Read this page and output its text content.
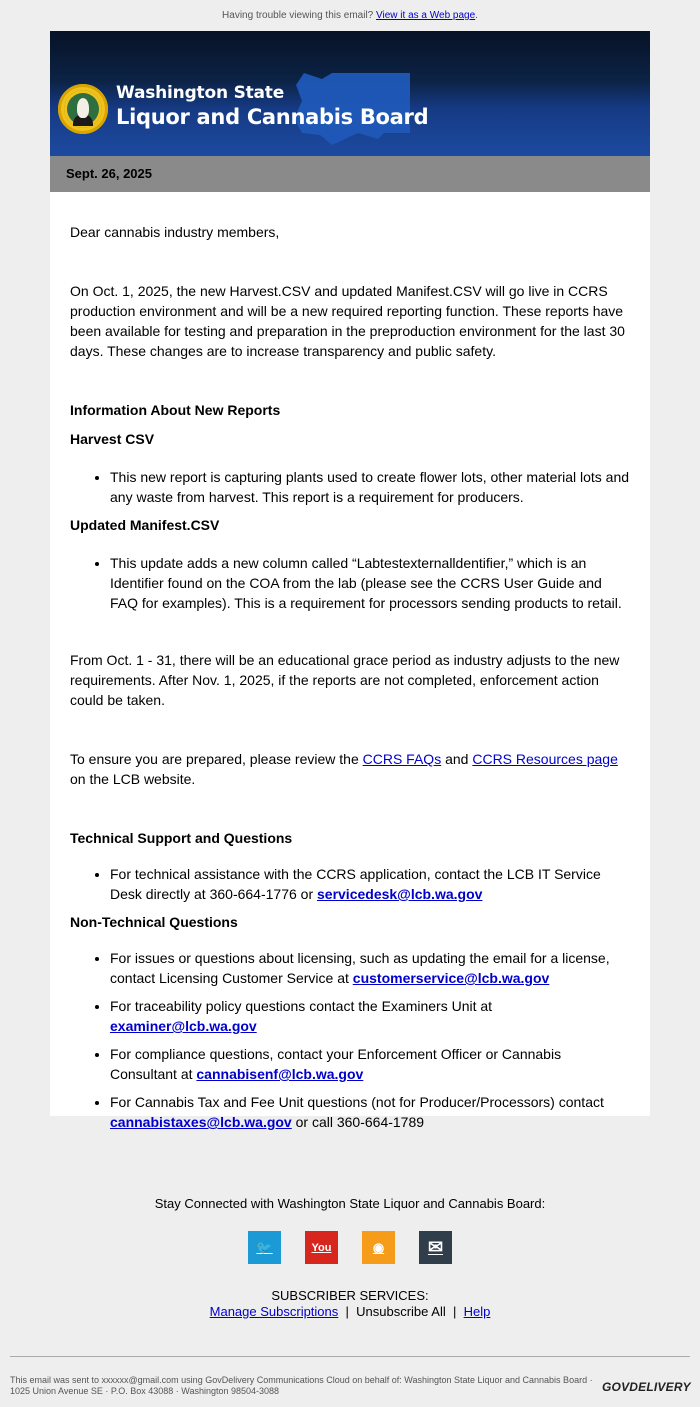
Having trouble viewing this email? View it as a Web page.
Washington State
Liquor and Cannabis Board
Sept. 26, 2025

Dear cannabis industry members,

On Oct. 1, 2025, the new Harvest.CSV and updated Manifest.CSV will go live in CCRS production environment and will be a new required reporting function. These reports have been available for testing and preparation in the preproduction environment for the last 30 days. These changes are to increase transparency and public safety.

Information About New Reports

Harvest CSV

• This new report is capturing plants used to create flower lots, other material lots and any waste from harvest. This report is a requirement for producers.

Updated Manifest.CSV

• This update adds a new column called “Labtestexternalldentifier,” which is an Identifier found on the COA from the lab (please see the CCRS User Guide and FAQ for examples). This is a requirement for processors sending products to retail.

From Oct. 1 - 31, there will be an educational grace period as industry adjusts to the new requirements. After Nov. 1, 2025, if the reports are not completed, enforcement action could be taken.

To ensure you are prepared, please review the CCRS FAQs and CCRS Resources page on the LCB website.

Technical Support and Questions

• For technical assistance with the CCRS application, contact the LCB IT Service Desk directly at 360-664-1776 or servicedesk@lcb.wa.gov

Non-Technical Questions

• For issues or questions about licensing, such as updating the email for a license, contact Licensing Customer Service at customerservice@lcb.wa.gov
• For traceability policy questions contact the Examiners Unit at examiner@lcb.wa.gov
• For compliance questions, contact your Enforcement Officer or Cannabis Consultant at cannabisenf@lcb.wa.gov
• For Cannabis Tax and Fee Unit questions (not for Producer/Processors) contact cannabistaxes@lcb.wa.gov or call 360-664-1789
Stay Connected with Washington State Liquor and Cannabis Board:
🐦	You	◉	✉
SUBSCRIBER SERVICES:
Manage Subscriptions | Unsubscribe All | Help
This email was sent to xxxxxx@gmail.com using GovDelivery Communications Cloud on behalf of: Washington State Liquor and Cannabis Board · 1025 Union Avenue SE · P.O. Box 43088 · Washington 98504-3088	GOVDELIVERY
